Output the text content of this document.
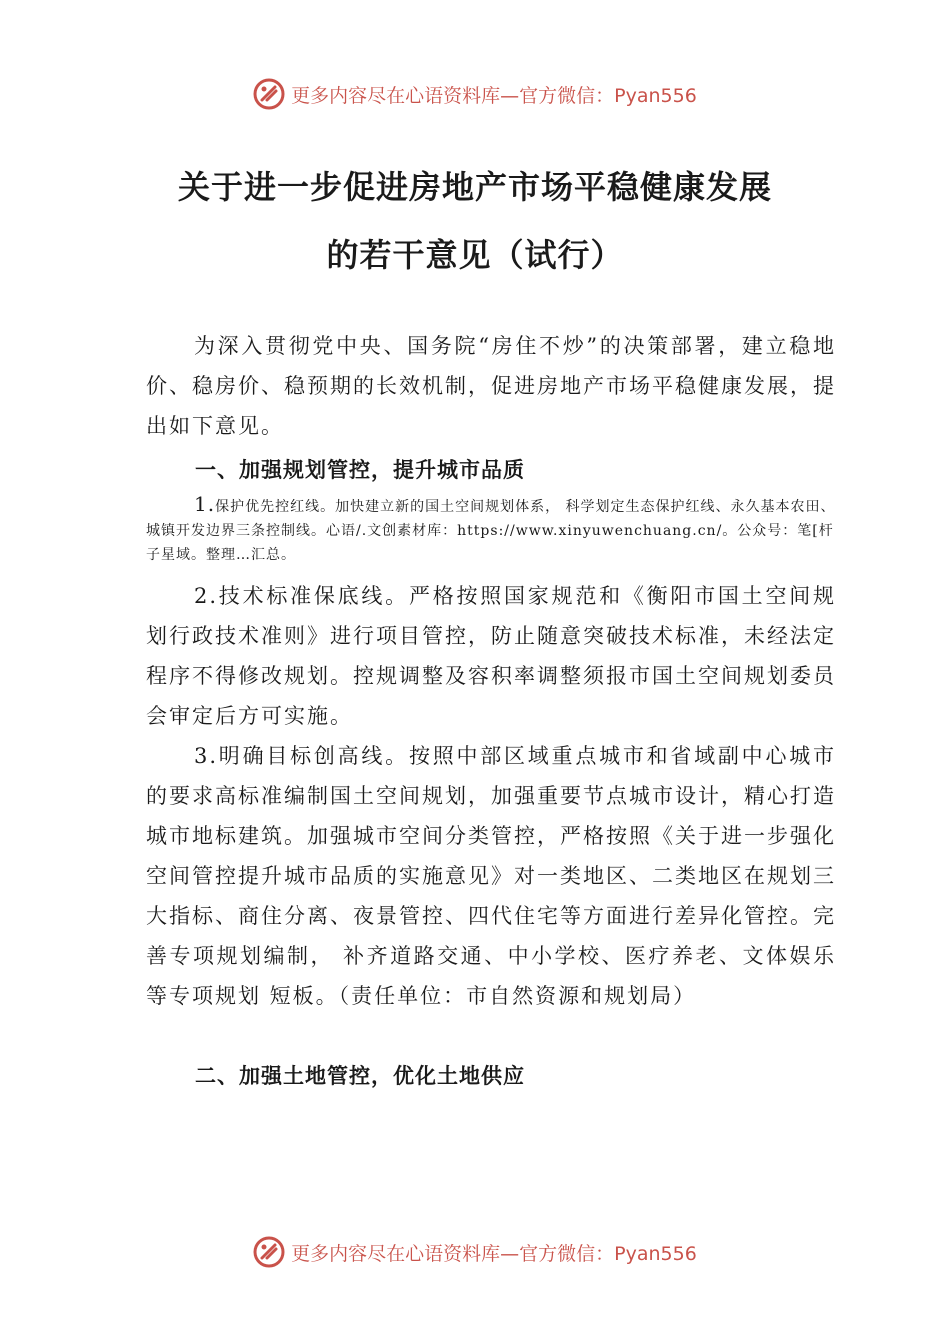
更多内容尽在心语资料库—官方微信：Pyan556
关于进一步促进房地产市场平稳健康发展
的若干意见（试行）

为深入贯彻党中央、国务院“房住不炒”的决策部署，建立稳地价、稳房价、稳预期的长效机制，促进房地产市场平稳健康发展，提出如下意见。

一、加强规划管控，提升城市品质

1.保护优先控红线。加快建立新的国土空间规划体系， 科学划定生态保护红线、永久基本农田、城镇开发边界三条控制线。心语/.文创素材库：https://www.xinyuwenchuang.cn/。公众号：笔[杆子星域。整理…汇总。

2.技术标准保底线。严格按照国家规范和《衡阳市国土空间规划行政技术准则》进行项目管控，防止随意突破技术标准，未经法定程序不得修改规划。控规调整及容积率调整须报市国土空间规划委员会审定后方可实施。

3.明确目标创高线。按照中部区域重点城市和省域副中心城市的要求高标准编制国土空间规划，加强重要节点城市设计，精心打造城市地标建筑。加强城市空间分类管控，严格按照《关于进一步强化空间管控提升城市品质的实施意见》对一类地区、二类地区在规划三大指标、商住分离、夜景管控、四代住宅等方面进行差异化管控。完善专项规划编制， 补齐道路交通、中小学校、医疗养老、文体娱乐等专项规划 短板。（责任单位：市自然资源和规划局）

二、加强土地管控，优化土地供应
更多内容尽在心语资料库—官方微信：Pyan556
